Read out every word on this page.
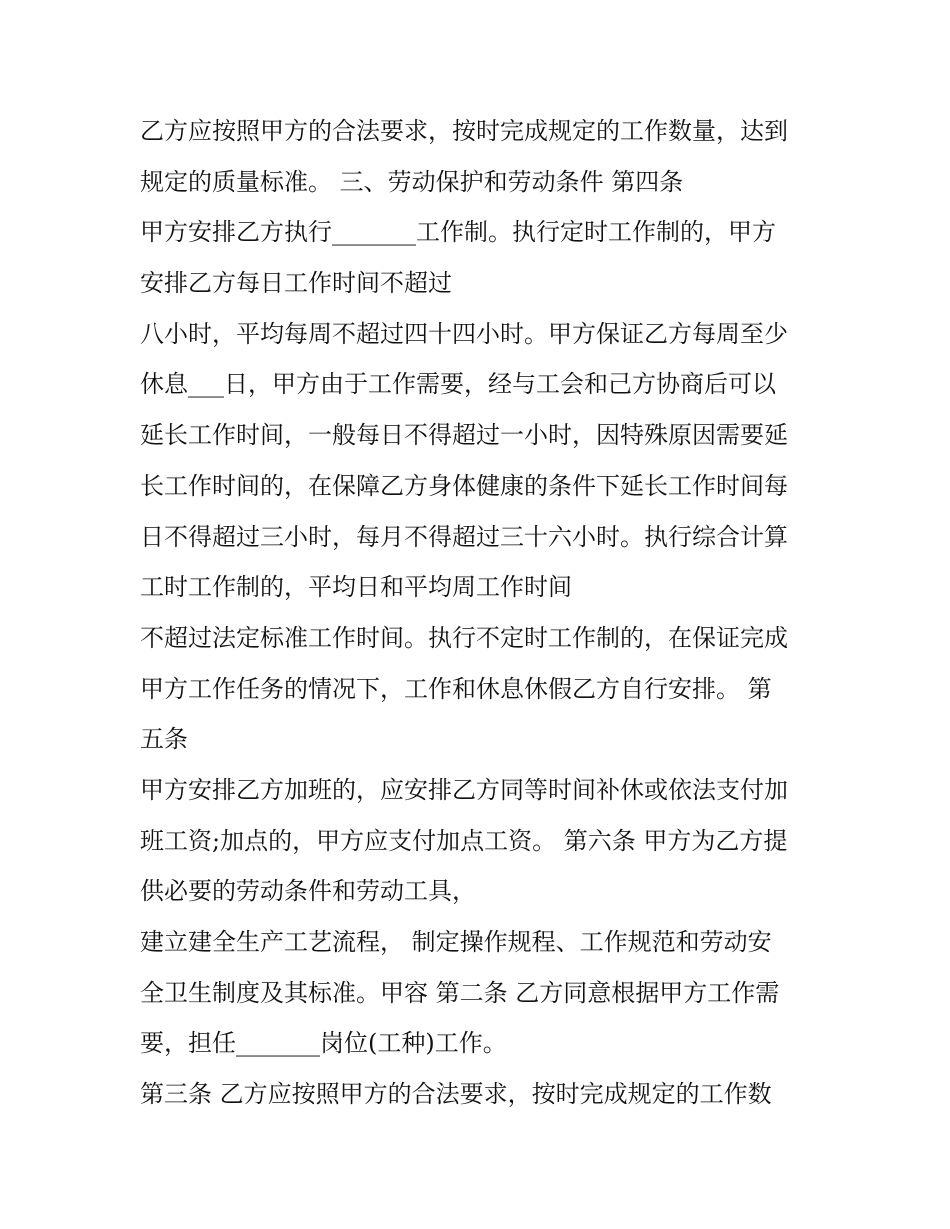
乙方应按照甲方的合法要求，按时完成规定的工作数量，达到
规定的质量标准。 三、劳动保护和劳动条件 第四条
甲方安排乙方执行_______工作制。执行定时工作制的，甲方
安排乙方每日工作时间不超过
八小时，平均每周不超过四十四小时。甲方保证乙方每周至少
休息___日，甲方由于工作需要，经与工会和己方协商后可以
延长工作时间，一般每日不得超过一小时，因特殊原因需要延
长工作时间的，在保障乙方身体健康的条件下延长工作时间每
日不得超过三小时，每月不得超过三十六小时。执行综合计算
工时工作制的，平均日和平均周工作时间
不超过法定标准工作时间。执行不定时工作制的，在保证完成
甲方工作任务的情况下，工作和休息休假乙方自行安排。 第
五条
甲方安排乙方加班的，应安排乙方同等时间补休或依法支付加
班工资;加点的，甲方应支付加点工资。 第六条 甲方为乙方提
供必要的劳动条件和劳动工具，
建立建全生产工艺流程， 制定操作规程、工作规范和劳动安
全卫生制度及其标准。甲容 第二条 乙方同意根据甲方工作需
要，担任_______岗位(工种)工作。
第三条 乙方应按照甲方的合法要求，按时完成规定的工作数
